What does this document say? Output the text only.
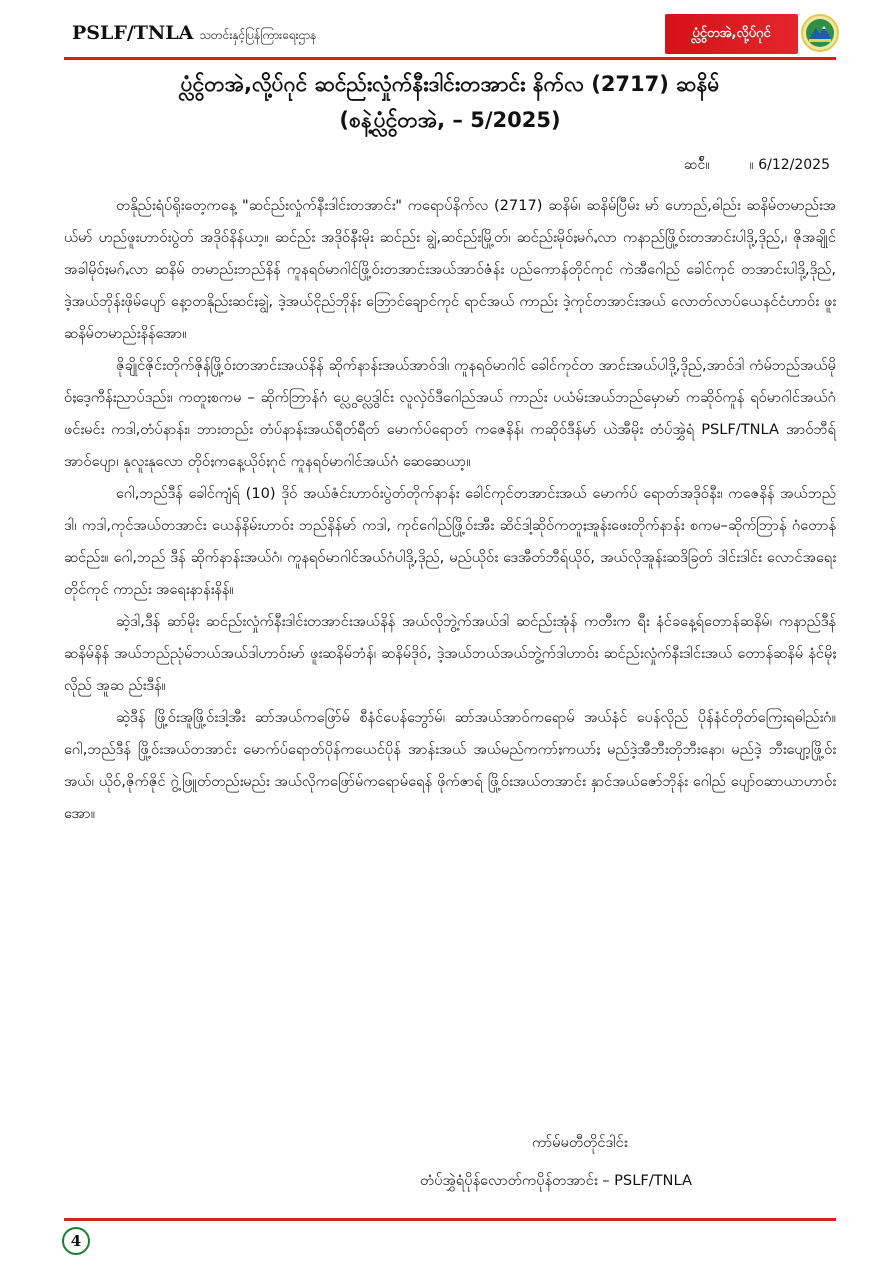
PSLF/TNLA သတင်းနှင့်ပြန်ကြားရေးဌာန	ပ္လွံၚ်တအဲ,လို့ပ်ဂုင်
ပ္လွံၚ်တအဲ,လို့ပ်ဂုင် ဆင်ည်းလှုံက်နီးဒါင်းတအာင်း နိက်လ (2717) ဆနိမ်
(စနဲ့ပ္လွံၚ်တအဲ, – 5/2025)
ဆင်ီ။	။ 6/12/2025

တနိုည်းရံပ်ရိုးတေ့ကနေ့ "ဆင်ည်းလှုံက်နီးဒါင်းတအာင်း" ကရောပ်နိက်လ (2717) ဆနိမ်၊ ဆနိမ်ပြီမ်း မာ် ဟောည်,ဓါည်း ဆနိမ်တမာည်းအယ်မာ် ဟည်ဖူးဟာဝ်းပွဲတ် အဒိုဝ်နိန်ယာ့။ ဆင်ည်း အဒိုဝ်နီးမိုး ဆင်ည်း ချွဲ,ဆင်ည်းမြို့တ်၊ ဆင်ည်းမိုဝ်ႈမဂ်ႇလာ ကနာည်ဖြို့ဝ်းတအာင်းပါဒို့,ဒိုည်,၊ ဇိုအချိုင်အခါမိုဝ်ႈမဂ်ႇလာ ဆနိမ် တမာည်းဘည်နိန် ကူနရဝ်မာဂါင်ဖြို့ဝ်းတအာင်းအယ်အာဝ်ဇံန်း ပည်ကောန်တိုင်ကုင် ကဲအီဂေါည် ခေါင်ကုင် တအာင်းပါဒို့,ဒိုည်, ဒဲ့အယ်ဘိုန်းဖိုမ်ပျော် နေ့ာတနိုည်းဆင်ႈချွဲ, ဒဲ့အယ်ငိုည်ဘိုန်း ဘြောင်ချောင်ကုင် ရာင်အယ် ကာည်း ဒဲ့ကုင်တအာင်းအယ် လောတ်လာပ်ယေနင်ငံဟာဝ်း ဖူးဆနိမ်တမာည်းနိန်အော။

ဇိုချိုင်ဇိုင်းတိုက်ဇိုန်ဖြို့ဝ်းတအာင်းအယ်နိန် ဆိုက်နာန်းအယ်အာဝ်ဒါ၊ ကူနရဝ်မာဂါင် ခေါင်ကုင်တ အာင်းအယ်ပါဒို့,ဒိုည်,အာဝ်ဒါ ကံမ်ဘည်အယ်မိုဝ်ႈဒေ့ကီန်းညာပ်ဒည်း၊ ကတူႈစကမ – ဆိုက်ဘြာန်ဂံ ပ္လွေ ပ္လွေဒါင်း လူလှဲဝ်ဒီဂေါည်အယ် ကာည်း ပယံမ်းအယ်ဘည်မှောမာ် ကဆိုဝ်ကူန် ရဝ်မာဂါင်အယ်ဂံ ဖင်းမင်း ကဒါ,တံပ်နာန်း၊ ဘားတည်း တံပ်နာန်းအယ်ရီတ်ရီတ် မောက်ပ်ရောတ် ကဇေနိန်၊ ကဆိုဝ်ဒီန်မာ် ယဲအီမိုး တံပ်အွှဲရံ PSLF/TNLA အာဝ်ဘီရ် အာဝ်ပျော၊ နုလူးနုလော တိုဝ်ႈကနေ့ယိုဝ်ႈဂုင် ကူနရဝ်မာဂါင်အယ်ဂံ ဆေဆေယာ့။

ဂေါ,ဘည်ဒီန် ခေါင်ကျံရ် (10) ဒိုဝ် အယ်ဇံင်းဟာဝ်းပွဲတ်တိုက်နာန်း ခေါင်ကုင်တအာင်းအယ် မောက်ပ် ရောတ်အဒိုဝ်နီး၊ ကဇေနိန် အယ်ဘည်ဒါ၊ ကဒါ,ကုင်အယ်တအာင်း ယေန်နိမ်းဟာဝ်း ဘည်နိန်မာ် ကဒါ, ကုင်ဂေါည်ဖြို့ဝ်းအီး ဆိင်ဒါ့ဆိုဝ်ကတူႈအူန်းဖေးတိုက်နာန်း စကမ–ဆိုက်ဘြာန် ဂံတောန်ဆင်ည်း။ ဂေါ,ဘည် ဒီန် ဆိုက်နာန်းအယ်ဂံ၊ ကူနရဝ်မာဂါင်အယ်ဂံပါဒို့,ဒိုည်, မည်ယိုဝ်း ဒေအီတ်ဘီရ်ယိုဝ်, အယ်လိုအူန်းဆဒိခြတ် ဒါင်းဒါင်း လောင်အရေးတိုင်ကုင် ကာည်း အရေးနာန်းနိန်။

ဆဲ့ဒါ,ဒီန် ဆာ်မိုး ဆင်ည်းလှုံက်နီးဒါင်းတအာင်းအယ်နိန် အယ်လိုဘွဲ့က်အယ်ဒါ ဆင်ည်းအုံန် ကတီးက ရီး နံင်ခနေ့ရ်တောန်ဆနိမ်၊ ကနာည်ဒီန် ဆနိမ်နိန် အယ်ဘည်ညုံမ်ဘယ်အယ်ဒါဟာဝ်းမာ် ဖူးဆနိမ်ဘံန်၊ ဆနိမ်ဒိုဝ်, ဒဲ့အယ်ဘယ်အယ်ဘွဲ့က်ဒါဟာဝ်း ဆင်ည်းလှုံက်နီးဒါင်းအယ် တောန်ဆနိမ် နံင်မိုႈလိုည် အူဆ ည်းဒီန်။

ဆဲ့ဒီန် ဖြို့ဝ်းအူဖြို့ဝ်းဒါ့အီး ဆာ်အယ်ကဖြော်မ် စီနံင်ပေန်ဘွော်မ်၊ ဆာ်အယ်အာဝ်ကရောမ် အယ်နံင် ပေန်လိုည် ပိုန်နံင်တိုတ်ကြေးရဓါည်းဂံ။ ဂေါ,ဘည်ဒီန် ဖြို့ဝ်းအယ်တအာင်း မောက်ပ်ရောတ်ပိုန်ကယေင်ပိုန် အာန်းအယ် အယ်မည်ကကာ်ႈကယာ်ႈ မည်ဒဲ့အီဘီးတိုဘီးနော၊ မည်ဒဲ့ ဘီးပျော့ဖြို့ဝ်းအယ်၊ ယိုဝ်,ဇိုက်ဇိုင် ဂွဲ့ဖြူတ်တည်းမည်း အယ်လိုကဖြော်မ်ကရောမ်ရေန် ဖိုက်ဇာရ် ဖြို့ဝ်းအယ်တအာင်း နှာင်အယ်ဇော်ဘိုန်း ဂေါည် ပျော်ဝဆာယာဟာဝ်းအော။

ကာ်မ်မတီတိုင်ဒါင်း
တံပ်အွှဲရံပိုန်လောတ်ကပိုန်တအာင်း – PSLF/TNLA
4
